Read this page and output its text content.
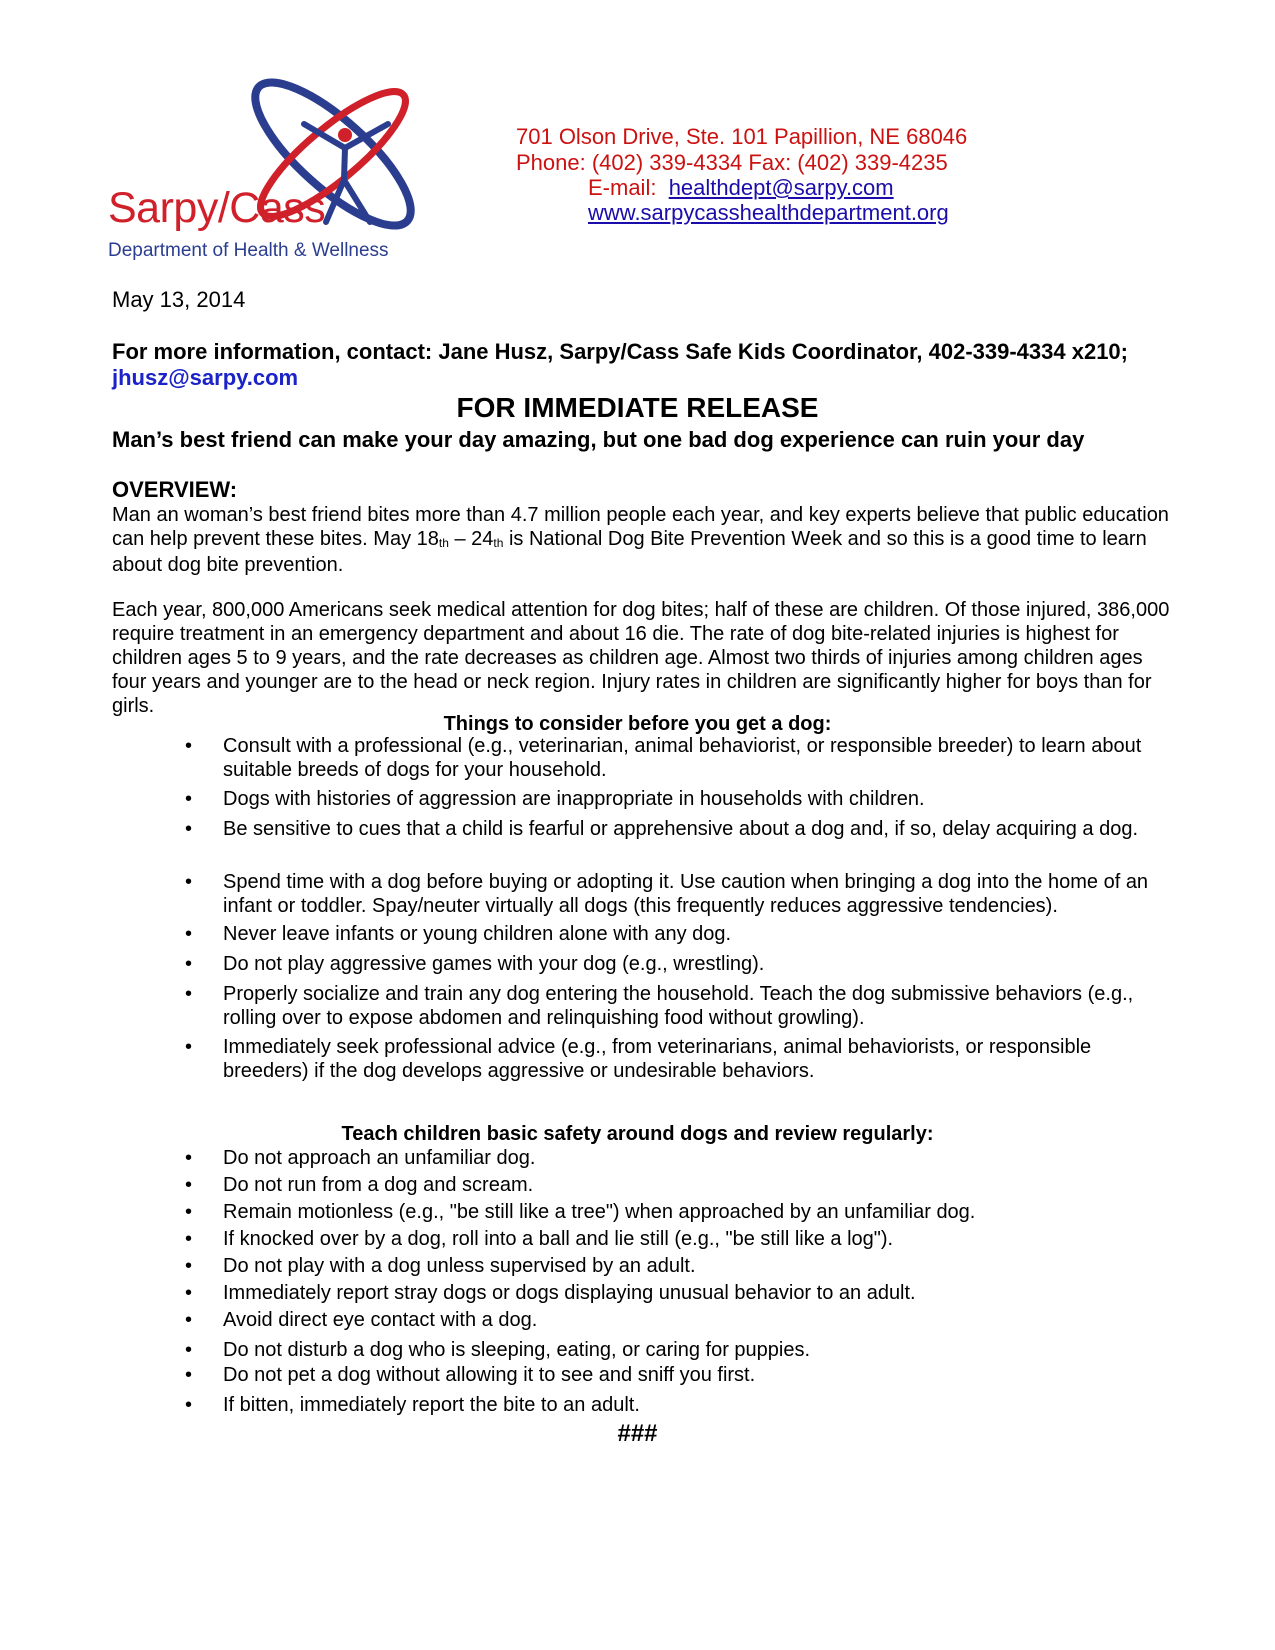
Sarpy/Cass
Department of Health & Wellness
701 Olson Drive, Ste. 101 Papillion, NE 68046
Phone: (402) 339-4334 Fax: (402) 339-4235
E-mail: healthdept@sarpy.com
www.sarpycasshealthdepartment.org
May 13, 2014
For more information, contact: Jane Husz, Sarpy/Cass Safe Kids Coordinator, 402-339-4334 x210; jhusz@sarpy.com
FOR IMMEDIATE RELEASE
Man’s best friend can make your day amazing, but one bad dog experience can ruin your day
OVERVIEW:
Man an woman’s best friend bites more than 4.7 million people each year, and key experts believe that public education can help prevent these bites. May 18th – 24th is National Dog Bite Prevention Week and so this is a good time to learn about dog bite prevention.
Each year, 800,000 Americans seek medical attention for dog bites; half of these are children. Of those injured, 386,000 require treatment in an emergency department and about 16 die. The rate of dog bite-related injuries is highest for children ages 5 to 9 years, and the rate decreases as children age. Almost two thirds of injuries among children ages four years and younger are to the head or neck region. Injury rates in children are significantly higher for boys than for girls.
Things to consider before you get a dog:
• Consult with a professional (e.g., veterinarian, animal behaviorist, or responsible breeder) to learn about suitable breeds of dogs for your household.
• Dogs with histories of aggression are inappropriate in households with children.
• Be sensitive to cues that a child is fearful or apprehensive about a dog and, if so, delay acquiring a dog.
• Spend time with a dog before buying or adopting it. Use caution when bringing a dog into the home of an infant or toddler. Spay/neuter virtually all dogs (this frequently reduces aggressive tendencies).
• Never leave infants or young children alone with any dog.
• Do not play aggressive games with your dog (e.g., wrestling).
• Properly socialize and train any dog entering the household. Teach the dog submissive behaviors (e.g., rolling over to expose abdomen and relinquishing food without growling).
• Immediately seek professional advice (e.g., from veterinarians, animal behaviorists, or responsible breeders) if the dog develops aggressive or undesirable behaviors.
Teach children basic safety around dogs and review regularly:
• Do not approach an unfamiliar dog.
• Do not run from a dog and scream.
• Remain motionless (e.g., "be still like a tree") when approached by an unfamiliar dog.
• If knocked over by a dog, roll into a ball and lie still (e.g., "be still like a log").
• Do not play with a dog unless supervised by an adult.
• Immediately report stray dogs or dogs displaying unusual behavior to an adult.
• Avoid direct eye contact with a dog.
• Do not disturb a dog who is sleeping, eating, or caring for puppies.
• Do not pet a dog without allowing it to see and sniff you first.
• If bitten, immediately report the bite to an adult.
###
